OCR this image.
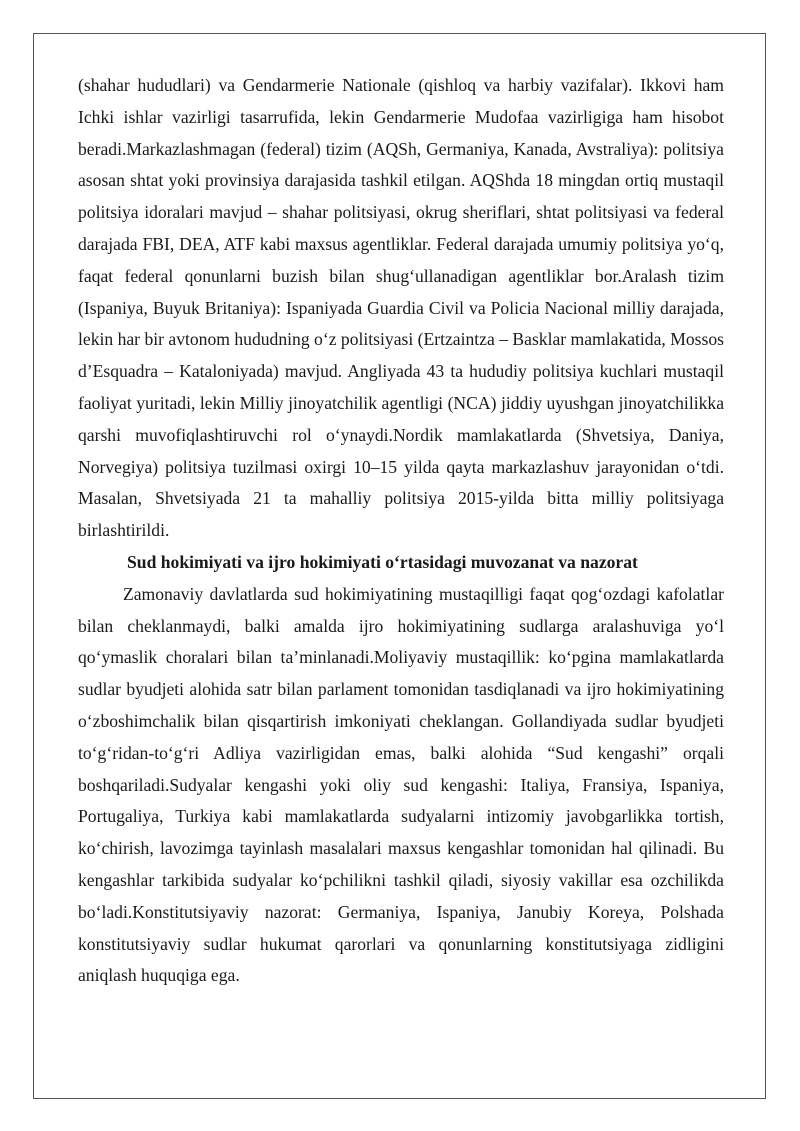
(shahar hududlari) va Gendarmerie Nationale (qishloq va harbiy vazifalar). Ikkovi ham Ichki ishlar vazirligi tasarrufida, lekin Gendarmerie Mudofaa vazirligiga ham hisobot beradi.Markazlashmagan (federal) tizim (AQSh, Germaniya, Kanada, Avstraliya): politsiya asosan shtat yoki provinsiya darajasida tashkil etilgan. AQShda 18 mingdan ortiq mustaqil politsiya idoralari mavjud – shahar politsiyasi, okrug sheriflari, shtat politsiyasi va federal darajada FBI, DEA, ATF kabi maxsus agentliklar. Federal darajada umumiy politsiya yo‘q, faqat federal qonunlarni buzish bilan shug‘ullanadigan agentliklar bor.Aralash tizim (Ispaniya, Buyuk Britaniya): Ispaniyada Guardia Civil va Policia Nacional milliy darajada, lekin har bir avtonom hududning o‘z politsiyasi (Ertzaintza – Basklar mamlakatida, Mossos d’Esquadra – Kataloniyada) mavjud. Angliyada 43 ta hududiy politsiya kuchlari mustaqil faoliyat yuritadi, lekin Milliy jinoyatchilik agentligi (NCA) jiddiy uyushgan jinoyatchilikka qarshi muvofiqlashtiruvchi rol o‘ynaydi.Nordik mamlakatlarda (Shvetsiya, Daniya, Norvegiya) politsiya tuzilmasi oxirgi 10–15 yilda qayta markazlashuv jarayonidan o‘tdi. Masalan, Shvetsiyada 21 ta mahalliy politsiya 2015-yilda bitta milliy politsiyaga birlashtirildi.

Sud hokimiyati va ijro hokimiyati o‘rtasidagi muvozanat va nazorat

Zamonaviy davlatlarda sud hokimiyatining mustaqilligi faqat qog‘ozdagi kafolatlar bilan cheklanmaydi, balki amalda ijro hokimiyatining sudlarga aralashuviga yo‘l qo‘ymaslik choralari bilan ta’minlanadi.Moliyaviy mustaqillik: ko‘pgina mamlakatlarda sudlar byudjeti alohida satr bilan parlament tomonidan tasdiqlanadi va ijro hokimiyatining o‘zboshimchalik bilan qisqartirish imkoniyati cheklangan. Gollandiyada sudlar byudjeti to‘g‘ridan-to‘g‘ri Adliya vazirligidan emas, balki alohida “Sud kengashi” orqali boshqariladi.Sudyalar kengashi yoki oliy sud kengashi: Italiya, Fransiya, Ispaniya, Portugaliya, Turkiya kabi mamlakatlarda sudyalarni intizomiy javobgarlikka tortish, ko‘chirish, lavozimga tayinlash masalalari maxsus kengashlar tomonidan hal qilinadi. Bu kengashlar tarkibida sudyalar ko‘pchilikni tashkil qiladi, siyosiy vakillar esa ozchilikda bo‘ladi.Konstitutsiyaviy nazorat: Germaniya, Ispaniya, Janubiy Koreya, Polshada konstitutsiyaviy sudlar hukumat qarorlari va qonunlarning konstitutsiyaga zidligini aniqlash huquqiga ega.
